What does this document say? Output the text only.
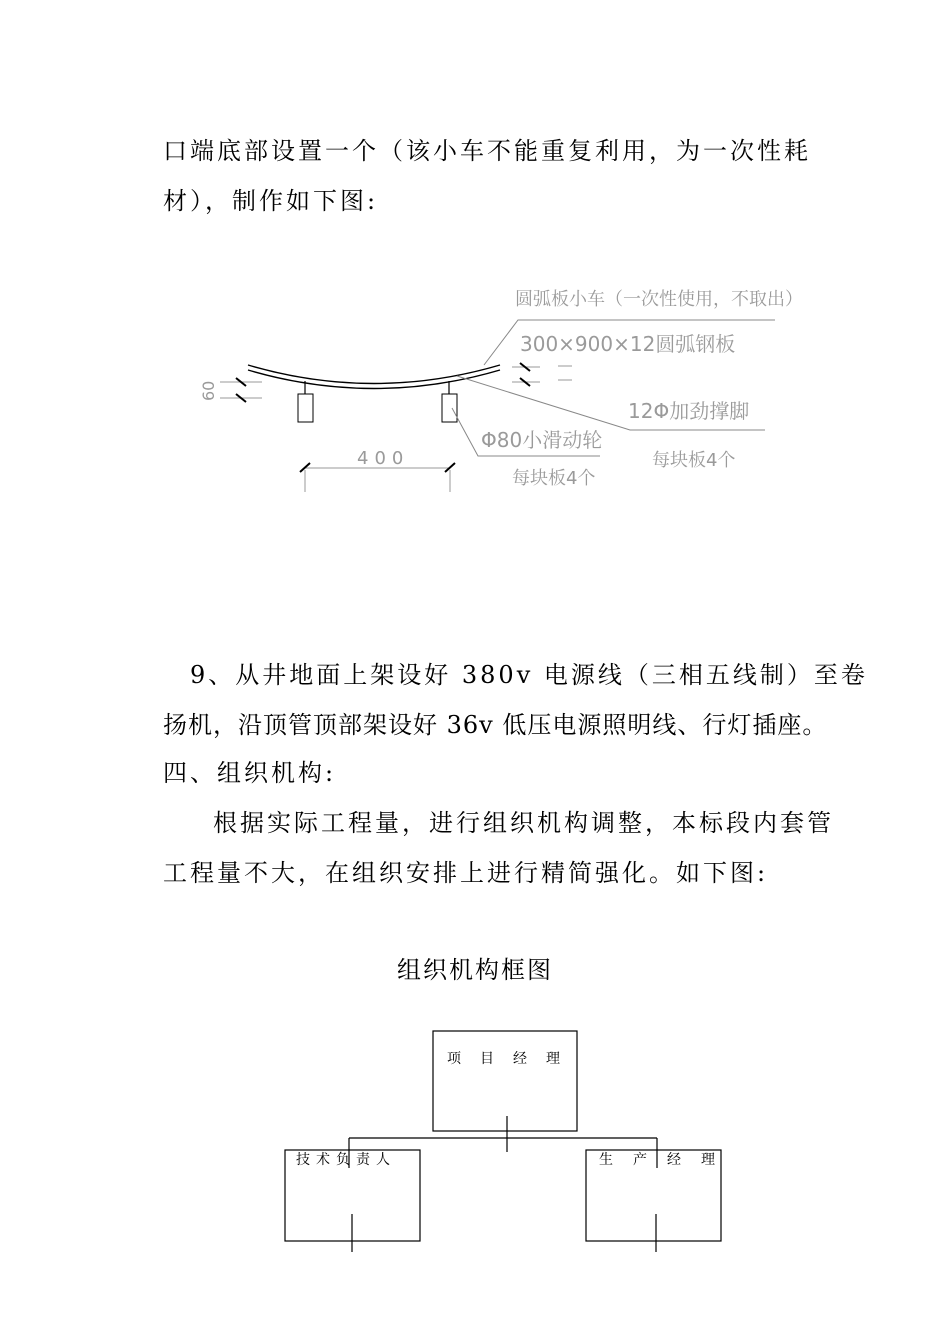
口端底部设置一个（该小车不能重复利用，为一次性耗
材），制作如下图:
圆弧板小车（一次性使用，不取出）
300×900×12圆弧钢板
12Φ加劲撑脚
每块板4个
Φ80小滑动轮
每块板4个
400
60
9、从井地面上架设好 380v 电源线（三相五线制）至卷
扬机，沿顶管顶部架设好 36v 低压电源照明线、行灯插座。
四、组织机构:
根据实际工程量，进行组织机构调整，本标段内套管
工程量不大，在组织安排上进行精简强化。如下图:
组织机构框图
项目经理
技术负责人	生产经理
